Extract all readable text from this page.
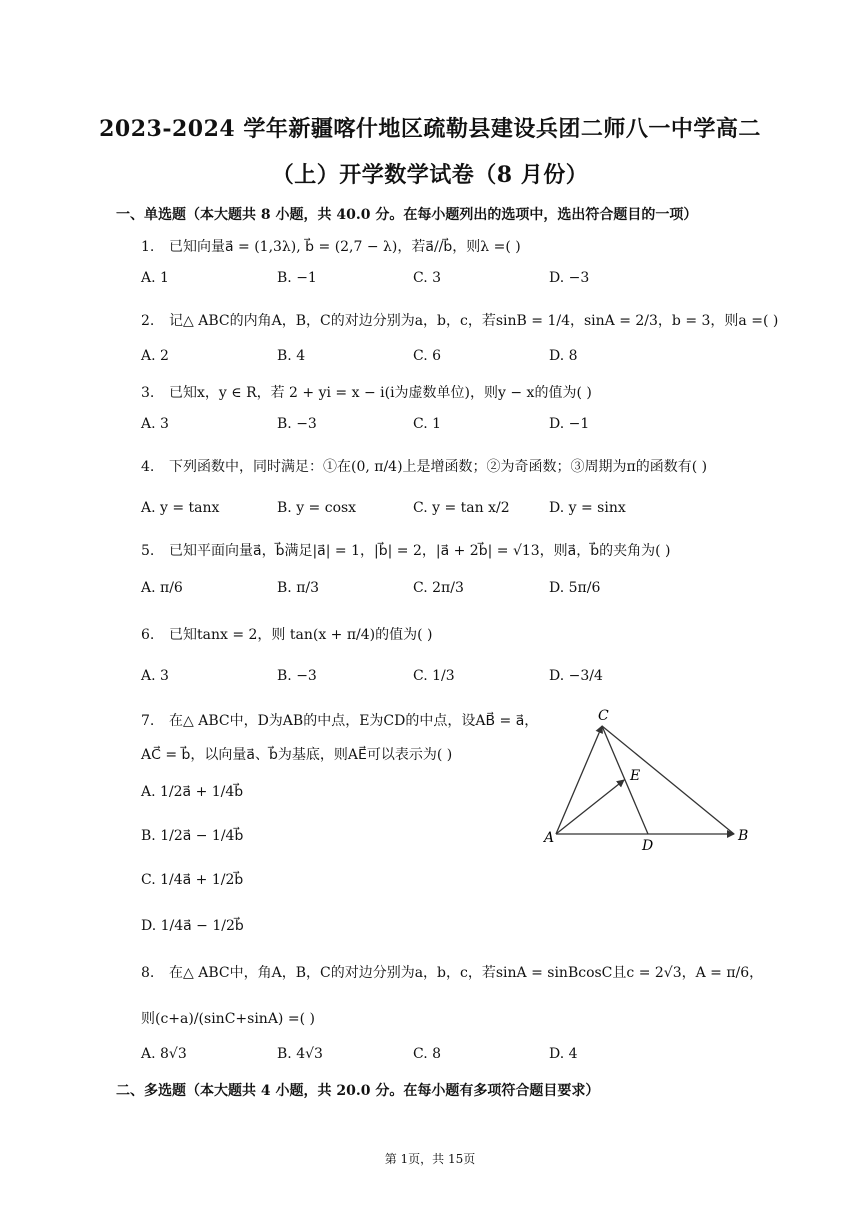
2023-2024 学年新疆喀什地区疏勒县建设兵团二师八一中学高二
（上）开学数学试卷（8 月份）
一、单选题（本大题共 8 小题，共 40.0 分。在每小题列出的选项中，选出符合题目的一项）
1. 已知向量a⃗ = (1,3λ), b⃗ = (2,7 − λ)，若a⃗//b⃗，则λ =( )
A. 1	B. −1	C. 3	D. −3
2. 记△ ABC的内角A，B，C的对边分别为a，b，c，若sinB = 1/4，sinA = 2/3，b = 3，则a =( )
A. 2	B. 4	C. 6	D. 8
3. 已知x，y ∈ R，若 2 + yi = x − i(i为虚数单位)，则y − x的值为( )
A. 3	B. −3	C. 1	D. −1
4. 下列函数中，同时满足：①在(0, π/4)上是增函数；②为奇函数；③周期为π的函数有( )
A. y = tanx	B. y = cosx	C. y = tan x/2	D. y = sinx
5. 已知平面向量a⃗，b⃗满足|a⃗| = 1，|b⃗| = 2，|a⃗ + 2b⃗| = √13，则a⃗，b⃗的夹角为( )
A. π/6	B. π/3	C. 2π/3	D. 5π/6
6. 已知tanx = 2，则 tan(x + π/4)的值为( )
A. 3	B. −3	C. 1/3	D. −3/4
7. 在△ ABC中，D为AB的中点，E为CD的中点，设AB⃗ = a⃗，
AC⃗ = b⃗，以向量a⃗、b⃗为基底，则AE⃗可以表示为( )
A. 1/2a⃗ + 1/4b⃗
B. 1/2a⃗ − 1/4b⃗
C. 1/4a⃗ + 1/2b⃗
D. 1/4a⃗ − 1/2b⃗
C
E
A	D
B
8. 在△ ABC中，角A，B，C的对边分别为a，b，c，若sinA = sinBcosC且c = 2√3，A = π/6，
则(c+a)/(sinC+sinA) =( )
A. 8√3	B. 4√3	C. 8	D. 4
二、多选题（本大题共 4 小题，共 20.0 分。在每小题有多项符合题目要求）
第 1页，共 15页
